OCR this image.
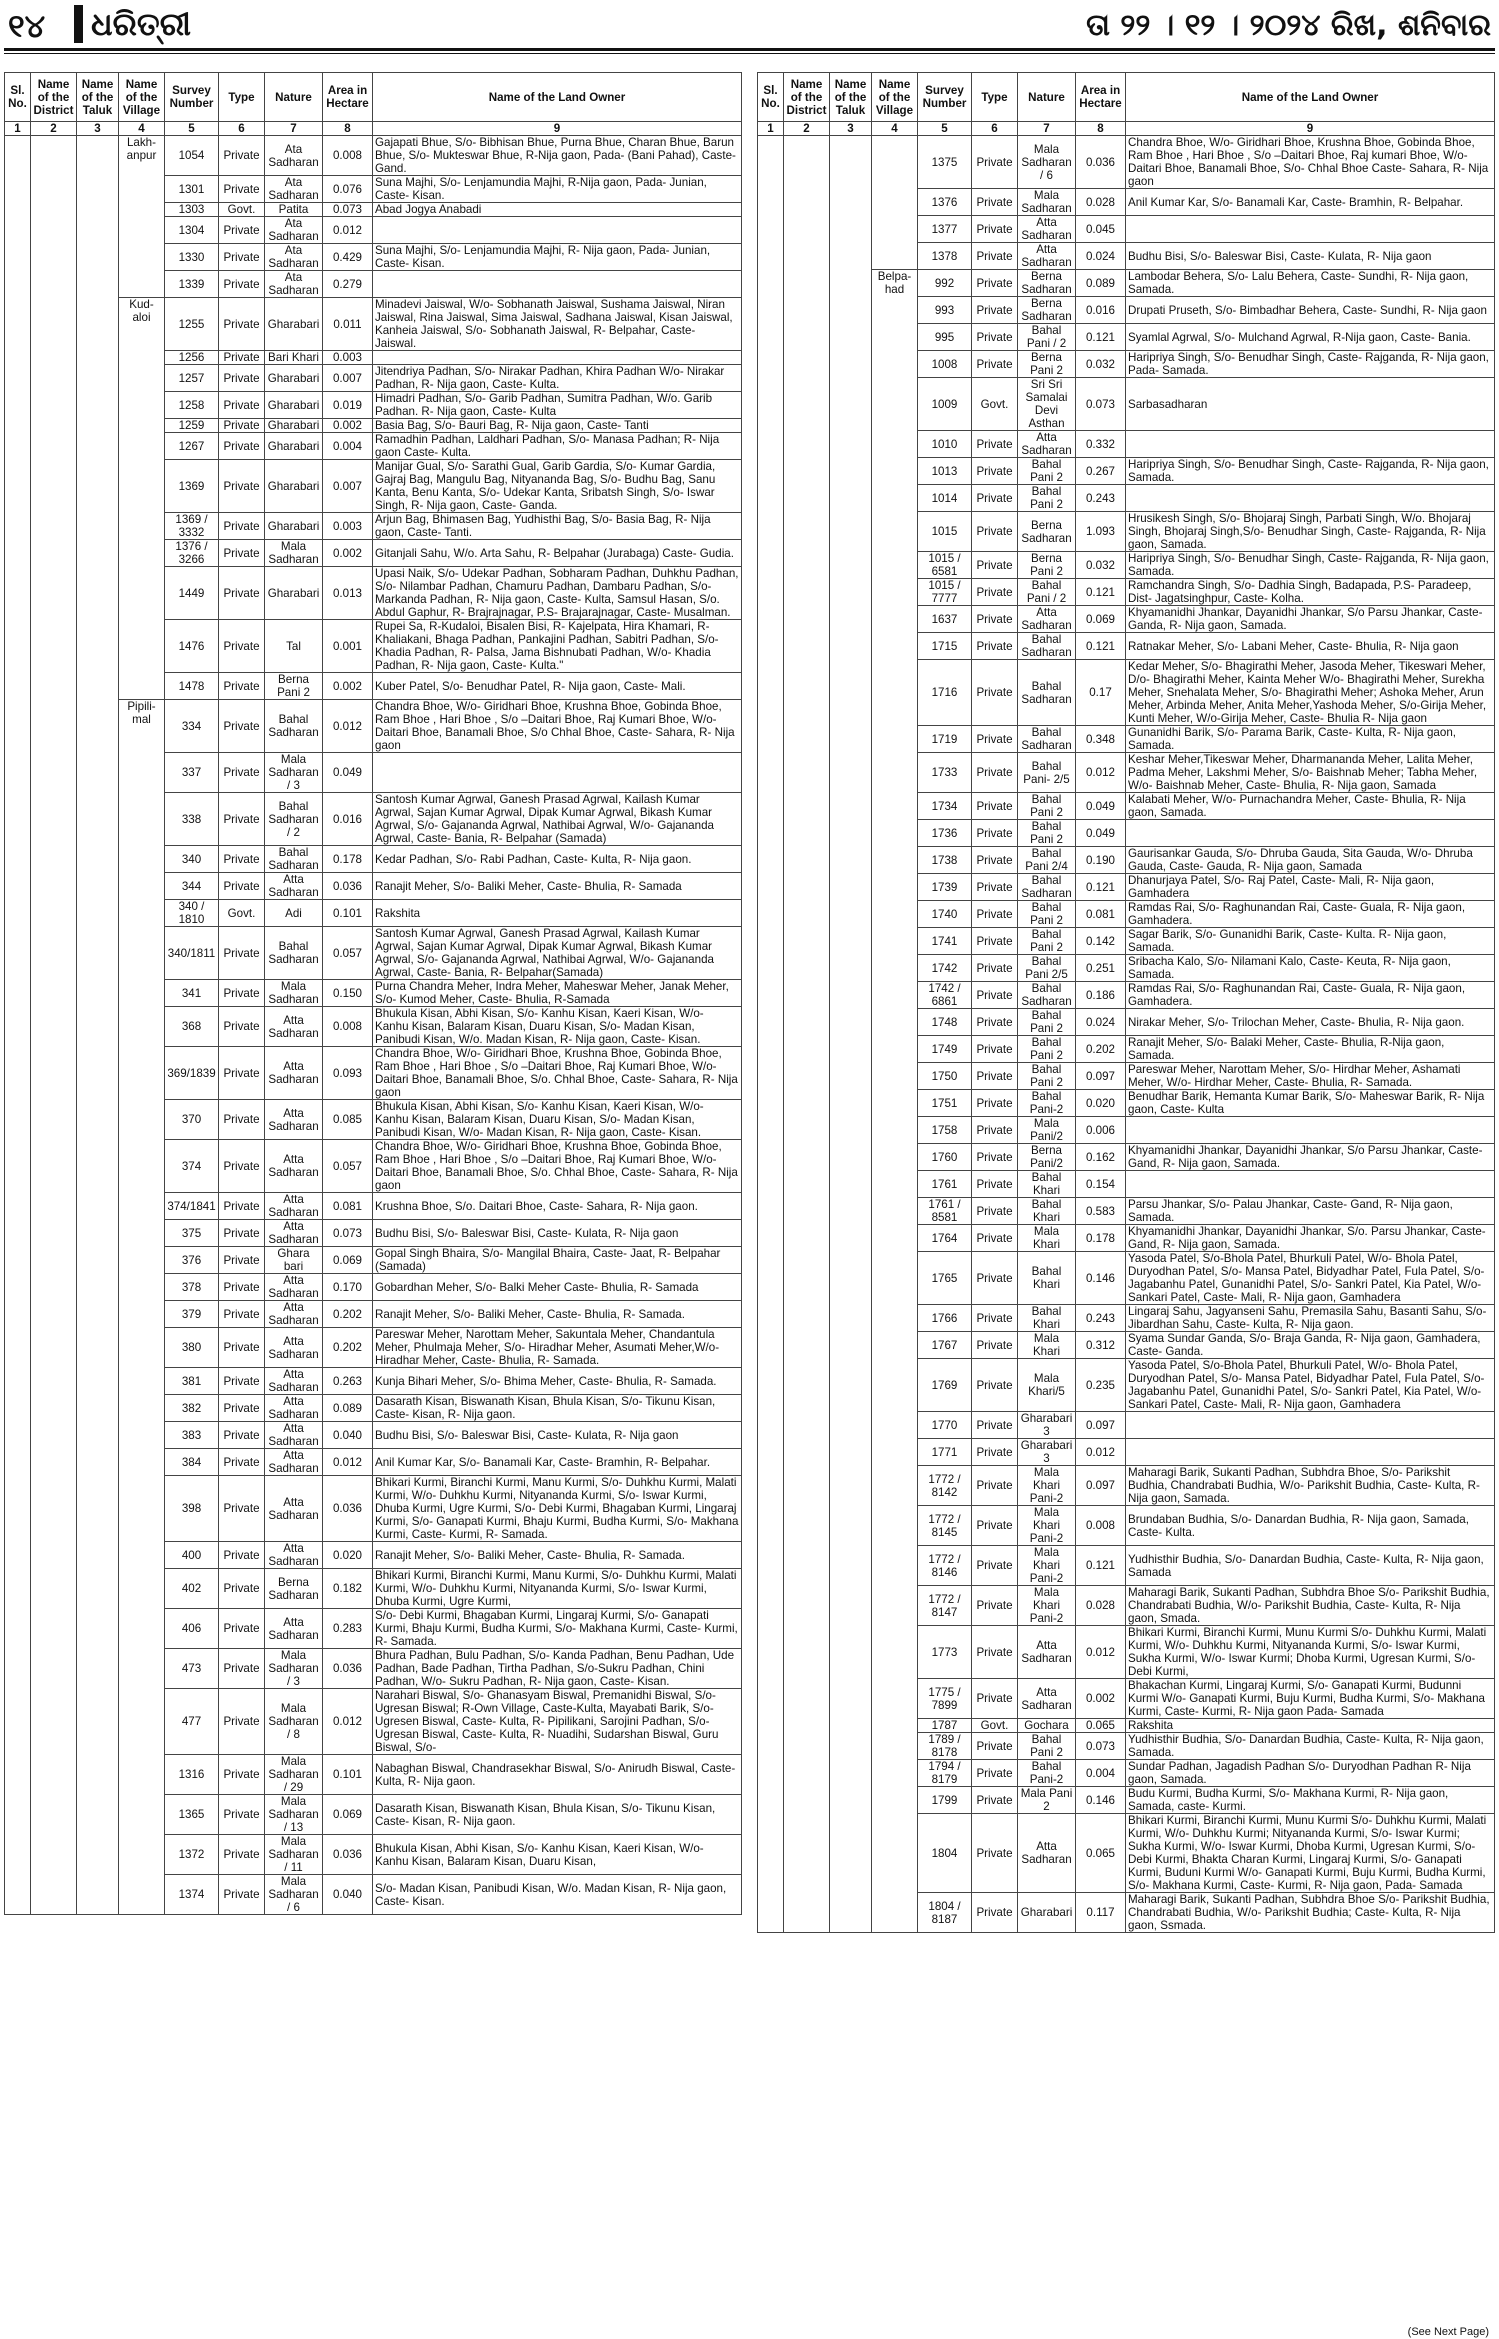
୧୪ ଧରିତ୍ରୀ	ତା ୨୨ । ୧୨ । ୨୦୨୪ ରିଖ, ଶନିବାର
Sl. No.	Name of the District	Name of the Taluk	Name of the Village	Survey Number	Type	Nature	Area in Hectare	Name of the Land Owner
1	2	3	4	5	6	7	8	9
			Lakh-anpur	1054	Private	Ata Sadharan	0.008	Gajapati Bhue, S/o- Bibhisan Bhue, Purna Bhue, Charan Bhue, Barun Bhue, S/o- Mukteswar Bhue, R-Nija gaon, Pada- (Bani Pahad), Caste- Gand.
				1301	Private	Ata Sadharan	0.076	Suna Majhi, S/o- Lenjamundia Majhi, R-Nija gaon, Pada- Junian, Caste- Kisan.
				1303	Govt.	Patita	0.073	Abad Jogya Anabadi
				1304	Private	Ata Sadharan	0.012	
				1330	Private	Ata Sadharan	0.429	Suna Majhi, S/o- Lenjamundia Majhi, R- Nija gaon, Pada- Junian, Caste- Kisan.
				1339	Private	Ata Sadharan	0.279	
			Kud-aloi	1255	Private	Gharabari	0.011	Minadevi Jaiswal, W/o- Sobhanath Jaiswal, Sushama Jaiswal, Niran Jaiswal, Rina Jaiswal, Sima Jaiswal, Sadhana Jaiswal, Kisan Jaiswal, Kanheia Jaiswal, S/o- Sobhanath Jaiswal, R- Belpahar, Caste- Jaiswal.
				1256	Private	Bari Khari	0.003	
				1257	Private	Gharabari	0.007	Jitendriya Padhan, S/o- Nirakar Padhan, Khira Padhan W/o- Nirakar Padhan, R- Nija gaon, Caste- Kulta.
				1258	Private	Gharabari	0.019	Himadri Padhan, S/o- Garib Padhan, Sumitra Padhan, W/o. Garib Padhan. R- Nija gaon, Caste- Kulta
				1259	Private	Gharabari	0.002	Basia Bag, S/o- Bauri Bag, R- Nija gaon, Caste- Tanti
				1267	Private	Gharabari	0.004	Ramadhin Padhan, Laldhari Padhan, S/o- Manasa Padhan; R- Nija gaon Caste- Kulta.
				1369	Private	Gharabari	0.007	Manijar Gual, S/o- Sarathi Gual, Garib Gardia, S/o- Kumar Gardia, Gajraj Bag, Mangulu Bag, Nityananda Bag, S/o- Budhu Bag, Sanu Kanta, Benu Kanta, S/o- Udekar Kanta, Sribatsh Singh, S/o- Iswar Singh, R- Nija gaon, Caste- Ganda.
				1369 / 3332	Private	Gharabari	0.003	Arjun Bag, Bhimasen Bag, Yudhisthi Bag, S/o- Basia Bag, R- Nija gaon, Caste- Tanti.
				1376 / 3266	Private	Mala Sadharan	0.002	Gitanjali Sahu, W/o. Arta Sahu, R- Belpahar (Jurabaga) Caste- Gudia.
				1449	Private	Gharabari	0.013	Upasi Naik, S/o- Udekar Padhan, Sobharam Padhan, Duhkhu Padhan, S/o- Nilambar Padhan, Chamuru Padhan, Dambaru Padhan, S/o- Markanda Padhan, R- Nija gaon, Caste- Kulta, Samsul Hasan, S/o. Abdul Gaphur, R- Brajrajnagar, P.S- Brajarajnagar, Caste- Musalman.
				1476	Private	Tal	0.001	Rupei Sa, R-Kudaloi, Bisalen Bisi, R- Kajelpata, Hira Khamari, R- Khaliakani, Bhaga Padhan, Pankajini Padhan, Sabitri Padhan, S/o- Khadia Padhan, R- Palsa, Jama Bishnubati Padhan, W/o- Khadia Padhan, R- Nija gaon, Caste- Kulta."
				1478	Private	Berna Pani 2	0.002	Kuber Patel, S/o- Benudhar Patel, R- Nija gaon, Caste- Mali.
			Pipili-mal	334	Private	Bahal Sadharan	0.012	Chandra Bhoe, W/o- Giridhari Bhoe, Krushna Bhoe, Gobinda Bhoe, Ram Bhoe , Hari Bhoe , S/o –Daitari Bhoe, Raj Kumari Bhoe, W/o- Daitari Bhoe, Banamali Bhoe, S/o Chhal Bhoe, Caste- Sahara, R- Nija gaon
				337	Private	Mala Sadharan / 3	0.049	
				338	Private	Bahal Sadharan / 2	0.016	Santosh Kumar Agrwal, Ganesh Prasad Agrwal, Kailash Kumar Agrwal, Sajan Kumar Agrwal, Dipak Kumar Agrwal, Bikash Kumar Agrwal, S/o- Gajananda Agrwal, Nathibai Agrwal, W/o- Gajananda Agrwal, Caste- Bania, R- Belpahar (Samada)
				340	Private	Bahal Sadharan	0.178	Kedar Padhan, S/o- Rabi Padhan, Caste- Kulta, R- Nija gaon.
				344	Private	Atta Sadharan	0.036	Ranajit Meher, S/o- Baliki Meher, Caste- Bhulia, R- Samada
				340 / 1810	Govt.	Adi	0.101	Rakshita
				340/1811	Private	Bahal Sadharan	0.057	Santosh Kumar Agrwal, Ganesh Prasad Agrwal, Kailash Kumar Agrwal, Sajan Kumar Agrwal, Dipak Kumar Agrwal, Bikash Kumar Agrwal, S/o- Gajananda Agrwal, Nathibai Agrwal, W/o- Gajananda Agrwal, Caste- Bania, R- Belpahar(Samada)
				341	Private	Mala Sadharan	0.150	Purna Chandra Meher, Indra Meher, Maheswar Meher, Janak Meher, S/o- Kumod Meher, Caste- Bhulia, R-Samada
				368	Private	Atta Sadharan	0.008	Bhukula Kisan, Abhi Kisan, S/o- Kanhu Kisan, Kaeri Kisan, W/o- Kanhu Kisan, Balaram Kisan, Duaru Kisan, S/o- Madan Kisan, Panibudi Kisan, W/o. Madan Kisan, R- Nija gaon, Caste- Kisan.
				369/1839	Private	Atta Sadharan	0.093	Chandra Bhoe, W/o- Giridhari Bhoe, Krushna Bhoe, Gobinda Bhoe, Ram Bhoe , Hari Bhoe , S/o –Daitari Bhoe, Raj Kumari Bhoe, W/o- Daitari Bhoe, Banamali Bhoe, S/o. Chhal Bhoe, Caste- Sahara, R- Nija gaon
				370	Private	Atta Sadharan	0.085	Bhukula Kisan, Abhi Kisan, S/o- Kanhu Kisan, Kaeri Kisan, W/o- Kanhu Kisan, Balaram Kisan, Duaru Kisan, S/o- Madan Kisan, Panibudi Kisan, W/o- Madan Kisan, R- Nija gaon, Caste- Kisan.
				374	Private	Atta Sadharan	0.057	Chandra Bhoe, W/o- Giridhari Bhoe, Krushna Bhoe, Gobinda Bhoe, Ram Bhoe , Hari Bhoe , S/o –Daitari Bhoe, Raj Kumari Bhoe, W/o- Daitari Bhoe, Banamali Bhoe, S/o. Chhal Bhoe, Caste- Sahara, R- Nija gaon
				374/1841	Private	Atta Sadharan	0.081	Krushna Bhoe, S/o. Daitari Bhoe, Caste- Sahara, R- Nija gaon.
				375	Private	Atta Sadharan	0.073	Budhu Bisi, S/o- Baleswar Bisi, Caste- Kulata, R- Nija gaon
				376	Private	Ghara bari	0.069	Gopal Singh Bhaira, S/o- Mangilal Bhaira, Caste- Jaat, R- Belpahar (Samada)
				378	Private	Atta Sadharan	0.170	Gobardhan Meher, S/o- Balki Meher Caste- Bhulia, R- Samada
				379	Private	Atta Sadharan	0.202	Ranajit Meher, S/o- Baliki Meher, Caste- Bhulia, R- Samada.
				380	Private	Atta Sadharan	0.202	Pareswar Meher, Narottam Meher, Sakuntala Meher, Chandantula Meher, Phulmaja Meher, S/o- Hiradhar Meher, Asumati Meher,W/o- Hiradhar Meher, Caste- Bhulia, R- Samada.
				381	Private	Atta Sadharan	0.263	Kunja Bihari Meher, S/o- Bhima Meher, Caste- Bhulia, R- Samada.
				382	Private	Atta Sadharan	0.089	Dasarath Kisan, Biswanath Kisan, Bhula Kisan, S/o- Tikunu Kisan, Caste- Kisan, R- Nija gaon.
				383	Private	Atta Sadharan	0.040	Budhu Bisi, S/o- Baleswar Bisi, Caste- Kulata, R- Nija gaon
				384	Private	Atta Sadharan	0.012	Anil Kumar Kar, S/o- Banamali Kar, Caste- Bramhin, R- Belpahar.
				398	Private	Atta Sadharan	0.036	Bhikari Kurmi, Biranchi Kurmi, Manu Kurmi, S/o- Duhkhu Kurmi, Malati Kurmi, W/o- Duhkhu Kurmi, Nityananda Kurmi, S/o- Iswar Kurmi, Dhuba Kurmi, Ugre Kurmi, S/o- Debi Kurmi, Bhagaban Kurmi, Lingaraj Kurmi, S/o- Ganapati Kurmi, Bhaju Kurmi, Budha Kurmi, S/o- Makhana Kurmi, Caste- Kurmi, R- Samada.
				400	Private	Atta Sadharan	0.020	Ranajit Meher, S/o- Baliki Meher, Caste- Bhulia, R- Samada.
				402	Private	Berna Sadharan	0.182	Bhikari Kurmi, Biranchi Kurmi, Manu Kurmi, S/o- Duhkhu Kurmi, Malati Kurmi, W/o- Duhkhu Kurmi, Nityananda Kurmi, S/o- Iswar Kurmi, Dhuba Kurmi, Ugre Kurmi,
				406	Private	Atta Sadharan	0.283	S/o- Debi Kurmi, Bhagaban Kurmi, Lingaraj Kurmi, S/o- Ganapati Kurmi, Bhaju Kurmi, Budha Kurmi, S/o- Makhana Kurmi, Caste- Kurmi, R- Samada.
				473	Private	Mala Sadharan / 3	0.036	Bhura Padhan, Bulu Padhan, S/o- Kanda Padhan, Benu Padhan, Ude Padhan, Bade Padhan, Tirtha Padhan, S/o-Sukru Padhan, Chini Padhan, W/o- Sukru Padhan, R- Nija gaon, Caste- Kisan.
				477	Private	Mala Sadharan / 8	0.012	Narahari Biswal, S/o- Ghanasyam Biswal, Premanidhi Biswal, S/o- Ugresan Biswal; R-Own Village, Caste-Kulta, Mayabati Barik, S/o- Ugresen Biswal, Caste- Kulta, R- Pipilikani, Sarojini Padhan, S/o- Ugresan Biswal, Caste- Kulta, R- Nuadihi, Sudarshan Biswal, Guru Biswal, S/o-
				1316	Private	Mala Sadharan / 29	0.101	Nabaghan Biswal, Chandrasekhar Biswal, S/o- Anirudh Biswal, Caste- Kulta, R- Nija gaon.
				1365	Private	Mala Sadharan / 13	0.069	Dasarath Kisan, Biswanath Kisan, Bhula Kisan, S/o- Tikunu Kisan, Caste- Kisan, R- Nija gaon.
				1372	Private	Mala Sadharan / 11	0.036	Bhukula Kisan, Abhi Kisan, S/o- Kanhu Kisan, Kaeri Kisan, W/o- Kanhu Kisan, Balaram Kisan, Duaru Kisan,
				1374	Private	Mala Sadharan / 6	0.040	S/o- Madan Kisan, Panibudi Kisan, W/o. Madan Kisan, R- Nija gaon, Caste- Kisan.
Sl. No.	Name of the District	Name of the Taluk	Name of the Village	Survey Number	Type	Nature	Area in Hectare	Name of the Land Owner
1	2	3	4	5	6	7	8	9
				1375	Private	Mala Sadharan / 6	0.036	Chandra Bhoe, W/o- Giridhari Bhoe, Krushna Bhoe, Gobinda Bhoe, Ram Bhoe , Hari Bhoe , S/o –Daitari Bhoe, Raj kumari Bhoe, W/o- Daitari Bhoe, Banamali Bhoe, S/o- Chhal Bhoe Caste- Sahara, R- Nija gaon
				1376	Private	Mala Sadharan	0.028	Anil Kumar Kar, S/o- Banamali Kar, Caste- Bramhin, R- Belpahar.
				1377	Private	Atta Sadharan	0.045	
				1378	Private	Atta Sadharan	0.024	Budhu Bisi, S/o- Baleswar Bisi, Caste- Kulata, R- Nija gaon
			Belpa-had	992	Private	Berna Sadharan	0.089	Lambodar Behera, S/o- Lalu Behera, Caste- Sundhi, R- Nija gaon, Samada.
				993	Private	Berna Sadharan	0.016	Drupati Pruseth, S/o- Bimbadhar Behera, Caste- Sundhi, R- Nija gaon
				995	Private	Bahal Pani / 2	0.121	Syamlal Agrwal, S/o- Mulchand Agrwal, R-Nija gaon, Caste- Bania.
				1008	Private	Berna Pani 2	0.032	Haripriya Singh, S/o- Benudhar Singh, Caste- Rajganda, R- Nija gaon, Pada- Samada.
				1009	Govt.	Sri Sri Samalai Devi Asthan	0.073	Sarbasadharan
				1010	Private	Atta Sadharan	0.332	
				1013	Private	Bahal Pani 2	0.267	Haripriya Singh, S/o- Benudhar Singh, Caste- Rajganda, R- Nija gaon, Samada.
				1014	Private	Bahal Pani 2	0.243	
				1015	Private	Berna Sadharan	1.093	Hrusikesh Singh, S/o- Bhojaraj Singh, Parbati Singh, W/o. Bhojaraj Singh, Bhojaraj Singh,S/o- Benudhar Singh, Caste- Rajganda, R- Nija gaon, Samada.
				1015 / 6581	Private	Berna Pani 2	0.032	Haripriya Singh, S/o- Benudhar Singh, Caste- Rajganda, R- Nija gaon, Samada.
				1015 / 7777	Private	Bahal Pani / 2	0.121	Ramchandra Singh, S/o- Dadhia Singh, Badapada, P.S- Paradeep, Dist- Jagatsinghpur, Caste- Kolha.
				1637	Private	Atta Sadharan	0.069	Khyamanidhi Jhankar, Dayanidhi Jhankar, S/o Parsu Jhankar, Caste- Ganda, R- Nija gaon, Samada.
				1715	Private	Bahal Sadharan	0.121	Ratnakar Meher, S/o- Labani Meher, Caste- Bhulia, R- Nija gaon
				1716	Private	Bahal Sadharan	0.17	Kedar Meher, S/o- Bhagirathi Meher, Jasoda Meher, Tikeswari Meher, D/o- Bhagirathi Meher, Kainta Meher W/o- Bhagirathi Meher, Surekha Meher, Snehalata Meher, S/o- Bhagirathi Meher; Ashoka Meher, Arun Meher, Arbinda Meher, Anita Meher,Yashoda Meher, S/o-Girija Meher, Kunti Meher, W/o-Girija Meher, Caste- Bhulia R- Nija gaon
				1719	Private	Bahal Sadharan	0.348	Gunanidhi Barik, S/o- Parama Barik, Caste- Kulta, R- Nija gaon, Samada.
				1733	Private	Bahal Pani- 2/5	0.012	Keshar Meher,Tikeswar Meher, Dharmananda Meher, Lalita Meher, Padma Meher, Lakshmi Meher, S/o- Baishnab Meher; Tabha Meher, W/o- Baishnab Meher, Caste- Bhulia, R- Nija gaon, Samada
				1734	Private	Bahal Pani 2	0.049	Kalabati Meher, W/o- Purnachandra Meher, Caste- Bhulia, R- Nija gaon, Samada.
				1736	Private	Bahal Pani 2	0.049	
				1738	Private	Bahal Pani 2/4	0.190	Gaurisankar Gauda, S/o- Dhruba Gauda, Sita Gauda, W/o- Dhruba Gauda, Caste- Gauda, R- Nija gaon, Samada
				1739	Private	Bahal Sadharan	0.121	Dhanurjaya Patel, S/o- Raj Patel, Caste- Mali, R- Nija gaon, Gamhadera
				1740	Private	Bahal Pani 2	0.081	Ramdas Rai, S/o- Raghunandan Rai, Caste- Guala, R- Nija gaon, Gamhadera.
				1741	Private	Bahal Pani 2	0.142	Sagar Barik, S/o- Gunanidhi Barik, Caste- Kulta. R- Nija gaon, Samada.
				1742	Private	Bahal Pani 2/5	0.251	Sribacha Kalo, S/o- Nilamani Kalo, Caste- Keuta, R- Nija gaon, Samada.
				1742 / 6861	Private	Bahal Sadharan	0.186	Ramdas Rai, S/o- Raghunandan Rai, Caste- Guala, R- Nija gaon, Gamhadera.
				1748	Private	Bahal Pani 2	0.024	Nirakar Meher, S/o- Trilochan Meher, Caste- Bhulia, R- Nija gaon.
				1749	Private	Bahal Pani 2	0.202	Ranajit Meher, S/o- Balaki Meher, Caste- Bhulia, R-Nija gaon, Samada.
				1750	Private	Bahal Pani 2	0.097	Pareswar Meher, Narottam Meher, S/o- Hirdhar Meher, Ashamati Meher, W/o- Hirdhar Meher, Caste- Bhulia, R- Samada.
				1751	Private	Bahal Pani-2	0.020	Benudhar Barik, Hemanta Kumar Barik, S/o- Maheswar Barik, R- Nija gaon, Caste- Kulta
				1758	Private	Mala Pani/2	0.006	
				1760	Private	Berna Pani/2	0.162	Khyamanidhi Jhankar, Dayanidhi Jhankar, S/o Parsu Jhankar, Caste- Gand, R- Nija gaon, Samada.
				1761	Private	Bahal Khari	0.154	
				1761 / 8581	Private	Bahal Khari	0.583	Parsu Jhankar, S/o- Palau Jhankar, Caste- Gand, R- Nija gaon, Samada.
				1764	Private	Mala Khari	0.178	Khyamanidhi Jhankar, Dayanidhi Jhankar, S/o. Parsu Jhankar, Caste- Gand, R- Nija gaon, Samada.
				1765	Private	Bahal Khari	0.146	Yasoda Patel, S/o-Bhola Patel, Bhurkuli Patel, W/o- Bhola Patel, Duryodhan Patel, S/o- Mansa Patel, Bidyadhar Patel, Fula Patel, S/o- Jagabanhu Patel, Gunanidhi Patel, S/o- Sankri Patel, Kia Patel, W/o- Sankari Patel, Caste- Mali, R- Nija gaon, Gamhadera
				1766	Private	Bahal Khari	0.243	Lingaraj Sahu, Jagyanseni Sahu, Premasila Sahu, Basanti Sahu, S/o- Jibardhan Sahu, Caste- Kulta, R- Nija gaon.
				1767	Private	Mala Khari	0.312	Syama Sundar Ganda, S/o- Braja Ganda, R- Nija gaon, Gamhadera, Caste- Ganda.
				1769	Private	Mala Khari/5	0.235	Yasoda Patel, S/o-Bhola Patel, Bhurkuli Patel, W/o- Bhola Patel, Duryodhan Patel, S/o- Mansa Patel, Bidyadhar Patel, Fula Patel, S/o- Jagabanhu Patel, Gunanidhi Patel, S/o- Sankri Patel, Kia Patel, W/o- Sankari Patel, Caste- Mali, R- Nija gaon, Gamhadera
				1770	Private	Gharabari 3	0.097	
				1771	Private	Gharabari 3	0.012	
				1772 / 8142	Private	Mala Khari Pani-2	0.097	Maharagi Barik, Sukanti Padhan, Subhdra Bhoe, S/o- Parikshit Budhia, Chandrabati Budhia, W/o- Parikshit Budhia, Caste- Kulta, R- Nija gaon, Samada.
				1772 / 8145	Private	Mala Khari Pani-2	0.008	Brundaban Budhia, S/o- Danardan Budhia, R- Nija gaon, Samada, Caste- Kulta.
				1772 / 8146	Private	Mala Khari Pani-2	0.121	Yudhisthir Budhia, S/o- Danardan Budhia, Caste- Kulta, R- Nija gaon, Samada
				1772 / 8147	Private	Mala Khari Pani-2	0.028	Maharagi Barik, Sukanti Padhan, Subhdra Bhoe S/o- Parikshit Budhia, Chandrabati Budhia, W/o- Parikshit Budhia, Caste- Kulta, R- Nija gaon, Smada.
				1773	Private	Atta Sadharan	0.012	Bhikari Kurmi, Biranchi Kurmi, Munu Kurmi S/o- Duhkhu Kurmi, Malati Kurmi, W/o- Duhkhu Kurmi, Nityananda Kurmi, S/o- Iswar Kurmi, Sukha Kurmi, W/o- Iswar Kurmi; Dhoba Kurmi, Ugresan Kurmi, S/o- Debi Kurmi,
				1775 / 7899	Private	Atta Sadharan	0.002	Bhakachan Kurmi, Lingaraj Kurmi, S/o- Ganapati Kurmi, Budunni Kurmi W/o- Ganapati Kurmi, Buju Kurmi, Budha Kurmi, S/o- Makhana Kurmi, Caste- Kurmi, R- Nija gaon Pada- Samada
				1787	Govt.	Gochara	0.065	Rakshita
				1789 / 8178	Private	Bahal Pani 2	0.073	Yudhisthir Budhia, S/o- Danardan Budhia, Caste- Kulta, R- Nija gaon, Samada.
				1794 / 8179	Private	Bahal Pani-2	0.004	Sundar Padhan, Jagadish Padhan S/o- Duryodhan Padhan R- Nija gaon, Samada.
				1799	Private	Mala Pani 2	0.146	Budu Kurmi, Budha Kurmi, S/o- Makhana Kurmi, R- Nija gaon, Samada, caste- Kurmi.
				1804	Private	Atta Sadharan	0.065	Bhikari Kurmi, Biranchi Kurmi, Munu Kurmi S/o- Duhkhu Kurmi, Malati Kurmi, W/o- Duhkhu Kurmi; Nityananda Kurmi, S/o- Iswar Kurmi; Sukha Kurmi, W/o- Iswar Kurmi, Dhoba Kurmi, Ugresan Kurmi, S/o- Debi Kurmi, Bhakta Charan Kurmi, Lingaraj Kurmi, S/o- Ganapati Kurmi, Buduni Kurmi W/o- Ganapati Kurmi, Buju Kurmi, Budha Kurmi, S/o- Makhana Kurmi, Caste- Kurmi, R- Nija gaon, Pada- Samada
				1804 / 8187	Private	Gharabari	0.117	Maharagi Barik, Sukanti Padhan, Subhdra Bhoe S/o- Parikshit Budhia, Chandrabati Budhia, W/o- Parikshit Budhia; Caste- Kulta, R- Nija gaon, Ssmada.
(See Next Page)
